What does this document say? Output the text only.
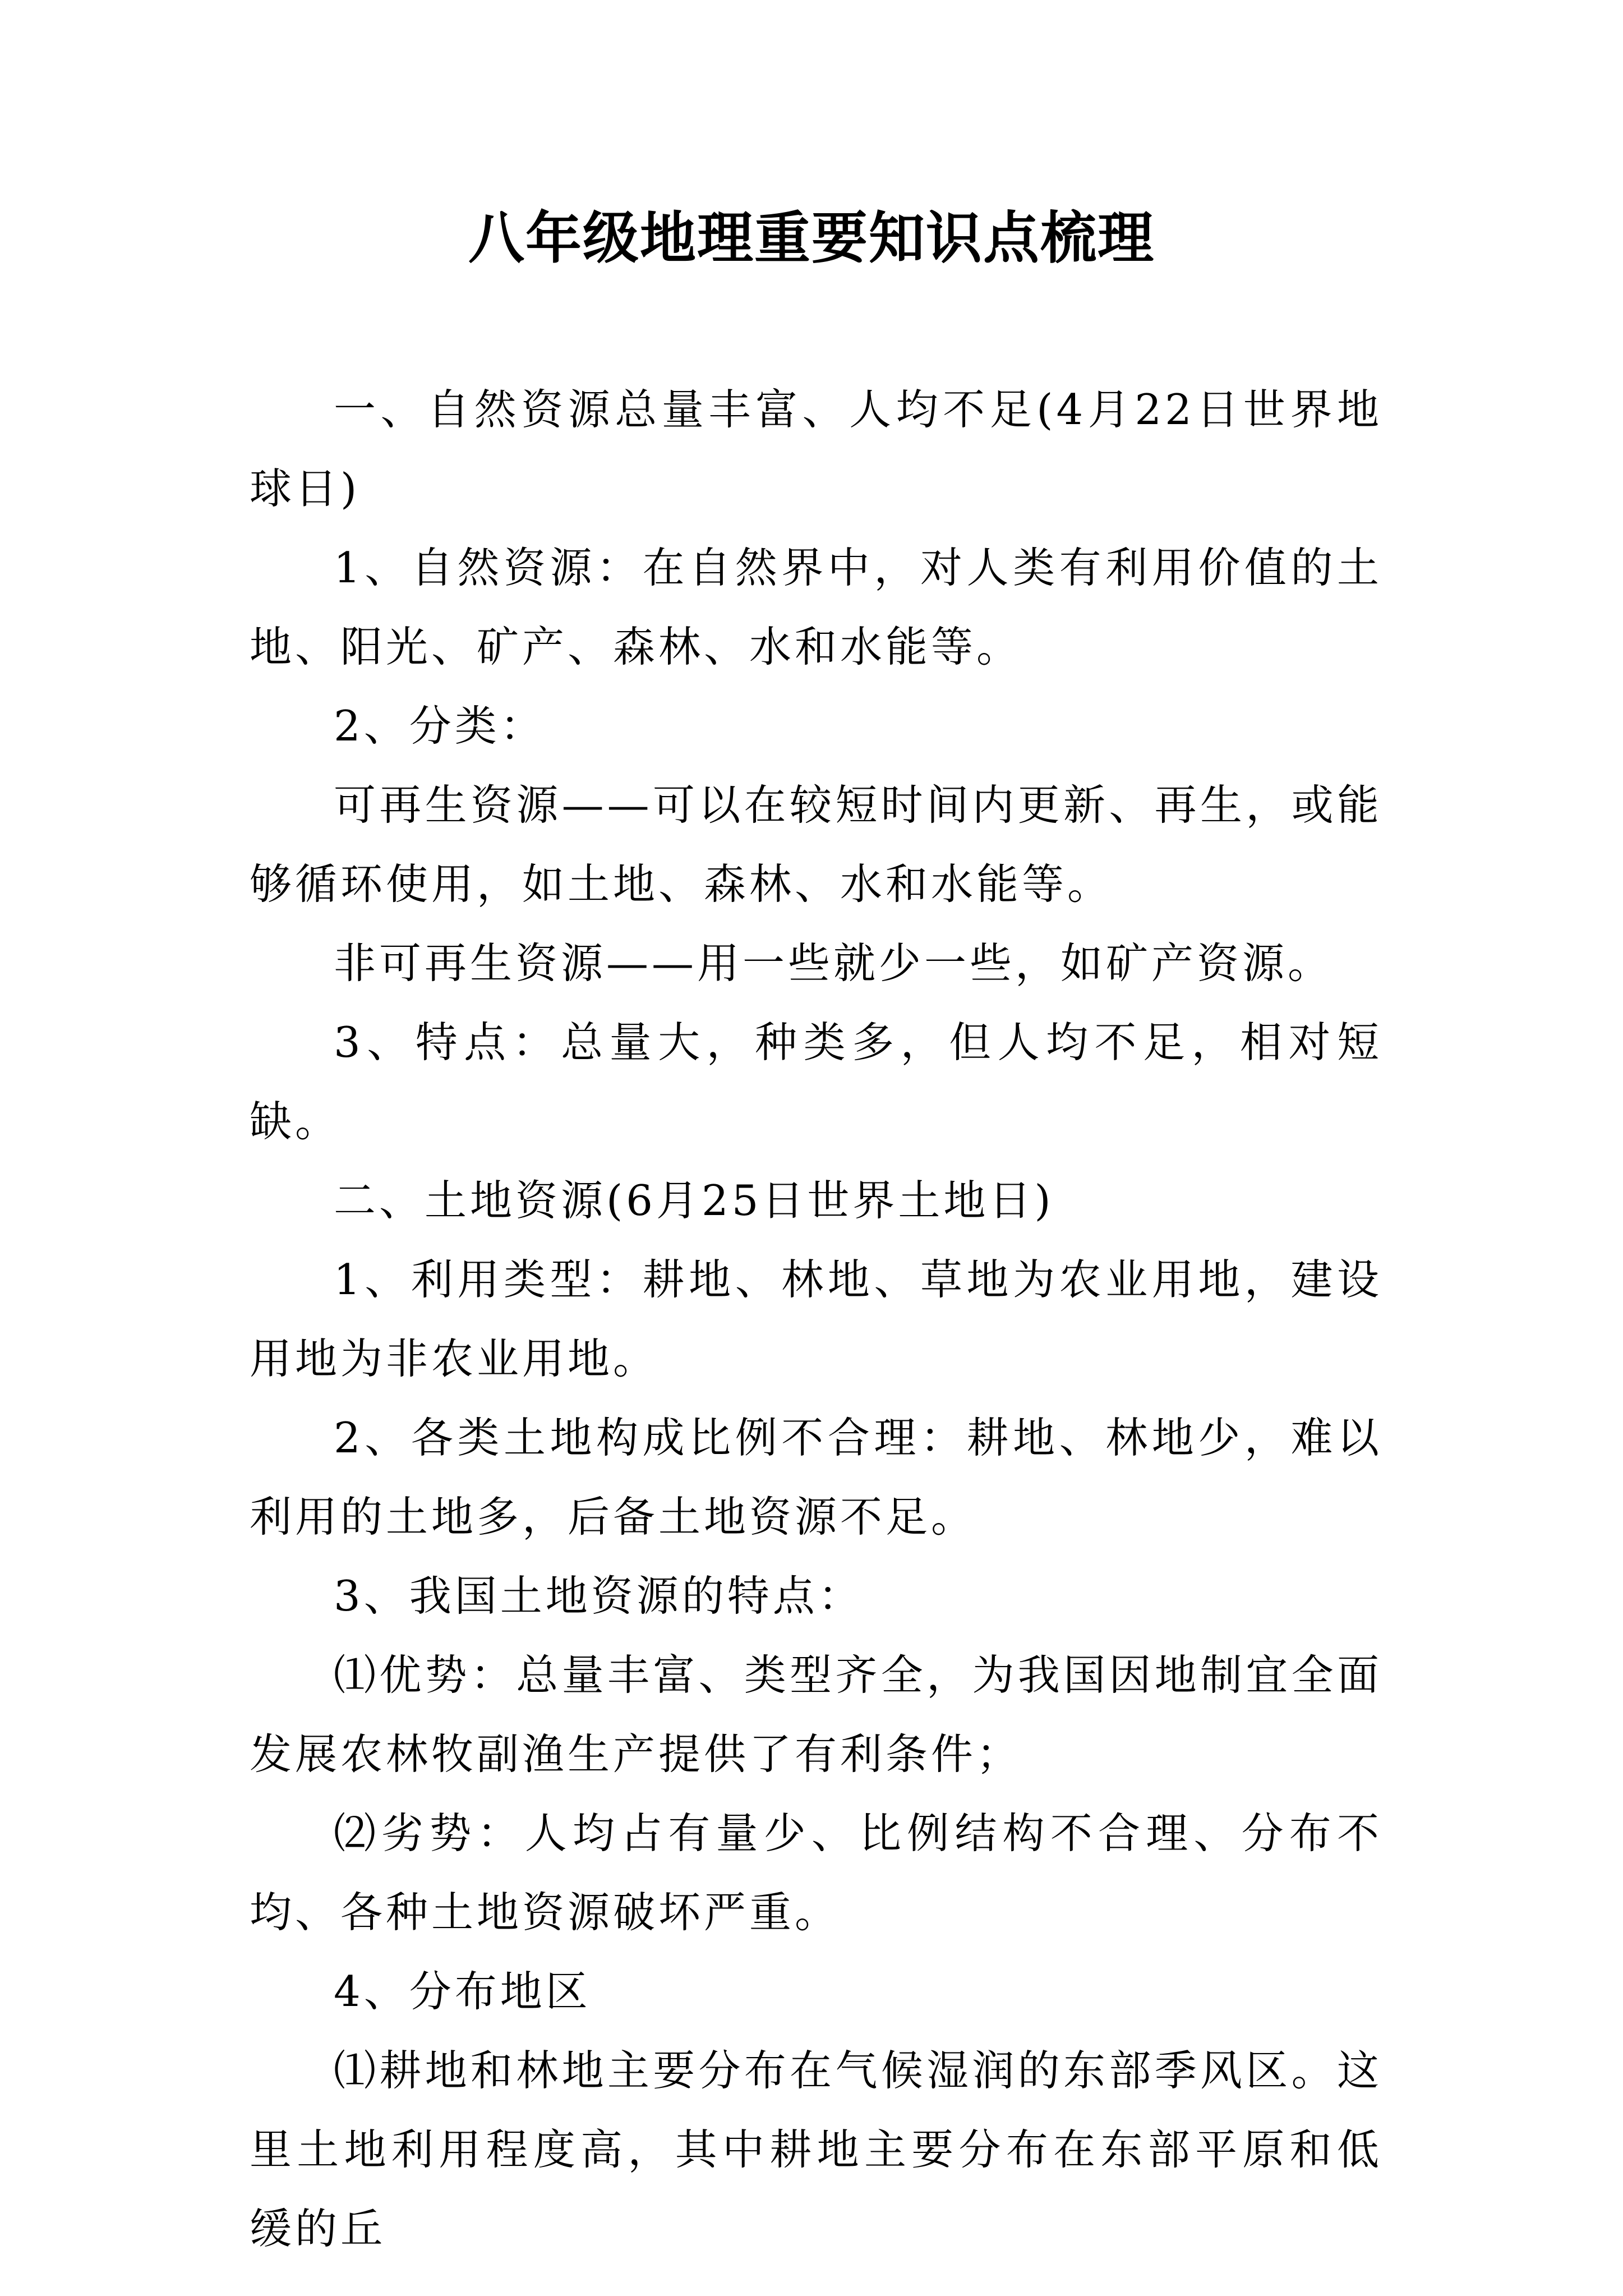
八年级地理重要知识点梳理

一、自然资源总量丰富、人均不足(4月22日世界地球日)

1、自然资源：在自然界中，对人类有利用价值的土地、阳光、矿产、森林、水和水能等。

2、分类：

可再生资源——可以在较短时间内更新、再生，或能够循环使用，如土地、森林、水和水能等。

非可再生资源——用一些就少一些，如矿产资源。

3、特点：总量大，种类多，但人均不足，相对短缺。

二、土地资源(6月25日世界土地日)

1、利用类型：耕地、林地、草地为农业用地，建设用地为非农业用地。

2、各类土地构成比例不合理：耕地、林地少，难以利用的土地多，后备土地资源不足。

3、我国土地资源的特点：

⑴优势：总量丰富、类型齐全，为我国因地制宜全面发展农林牧副渔生产提供了有利条件；

⑵劣势：人均占有量少、比例结构不合理、分布不均、各种土地资源破坏严重。

4、分布地区

⑴耕地和林地主要分布在气候湿润的东部季风区。这里土地利用程度高，其中耕地主要分布在东部平原和低缓的丘
